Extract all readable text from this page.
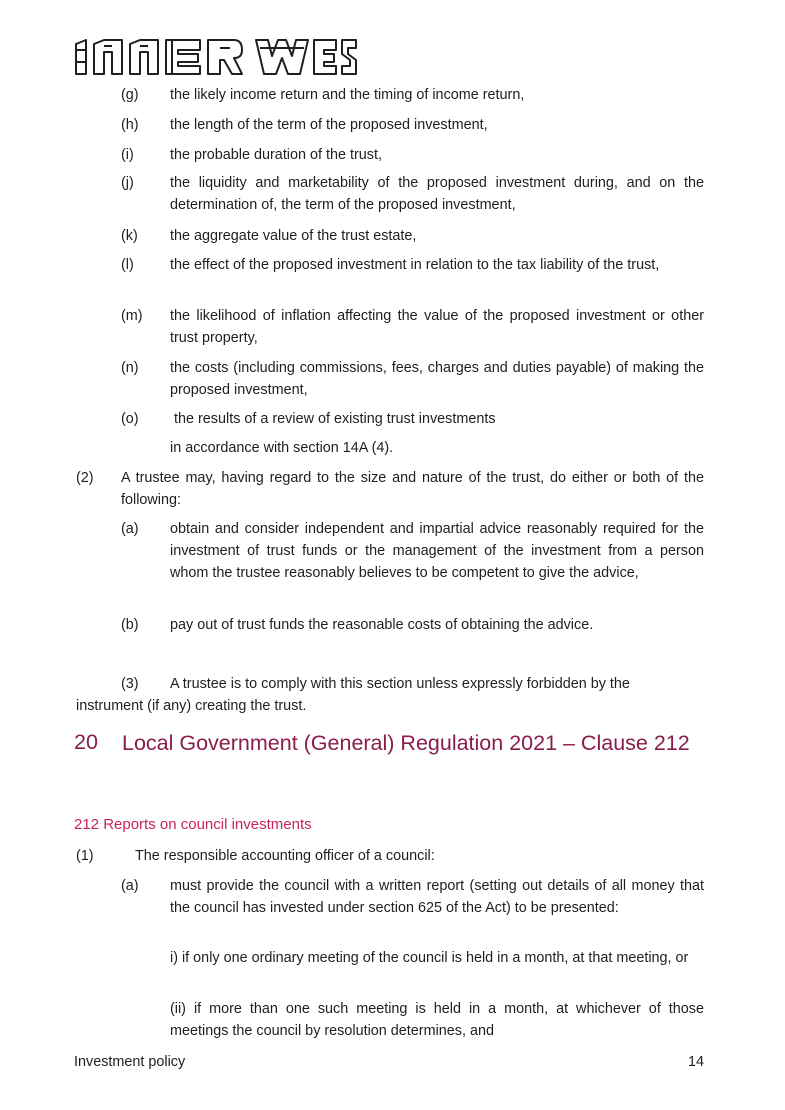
(g) the likely income return and the timing of income return,
(h) the length of the term of the proposed investment,
(i)	the probable duration of the trust,
(j)	the liquidity and marketability of the proposed investment during, and on the determination of, the term of the proposed investment,
(k) the aggregate value of the trust estate,
(l)	the effect of the proposed investment in relation to the tax liability of the trust,
(m) the likelihood of inflation affecting the value of the proposed investment or other trust property,
(n) the costs (including commissions, fees, charges and duties payable) of making the proposed investment,
(o) the results of a review of existing trust investments
in accordance with section 14A (4).
(2) A trustee may, having regard to the size and nature of the trust, do either or both of the following:
(a) obtain and consider independent and impartial advice reasonably required for the investment of trust funds or the management of the investment from a person whom the trustee reasonably believes to be competent to give the advice,
(b) pay out of trust funds the reasonable costs of obtaining the advice.
(3) A trustee is to comply with this section unless expressly forbidden by the
instrument (if any) creating the trust.
20 Local Government (General) Regulation 2021 – Clause 212
212 Reports on council investments
(1)	The responsible accounting officer of a council:
(a) must provide the council with a written report (setting out details of all money that the council has invested under section 625 of the Act) to be presented:
i) if only one ordinary meeting of the council is held in a month, at that meeting, or
(ii) if more than one such meeting is held in a month, at whichever of those meetings the council by resolution determines, and
Investment policy	14
